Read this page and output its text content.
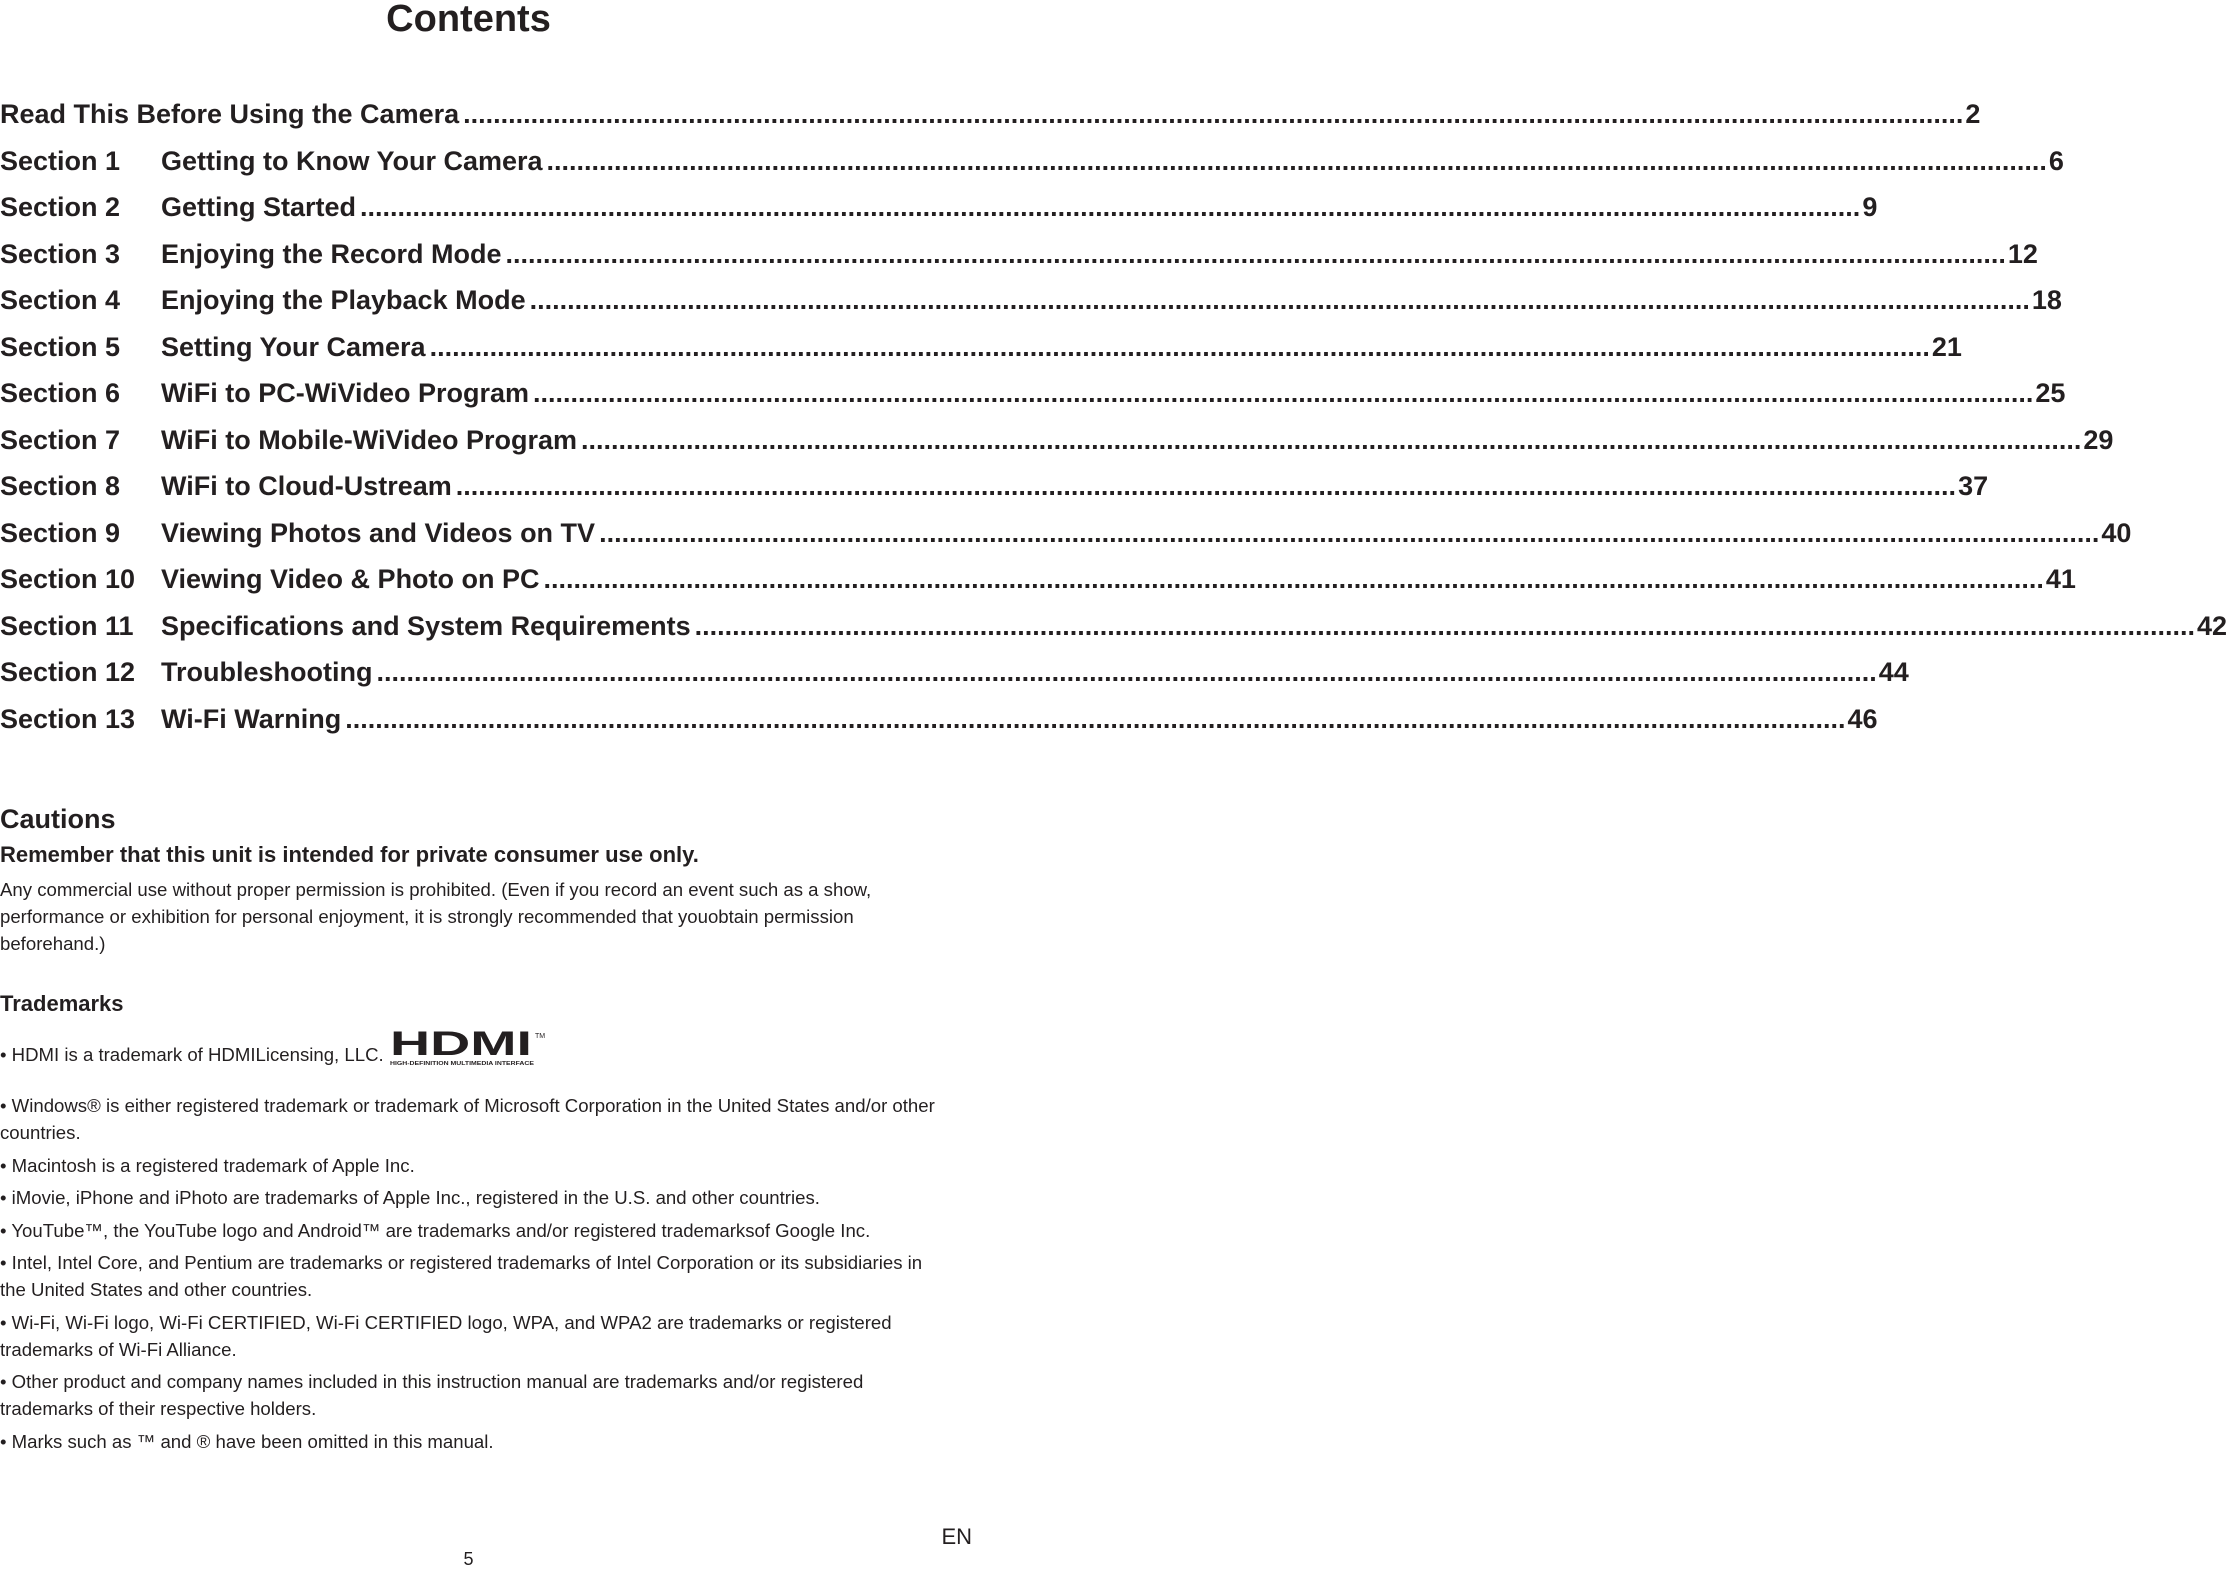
Contents
Read This Before Using the Camera ........................................................................................................................................................................................................ 2
Section 1	Getting to Know Your Camera ........................................................................................................................................................................................................ 6
Section 2	Getting Started ........................................................................................................................................................................................................ 9
Section 3	Enjoying the Record Mode ........................................................................................................................................................................................................ 12
Section 4	Enjoying the Playback Mode ........................................................................................................................................................................................................ 18
Section 5	Setting Your Camera ........................................................................................................................................................................................................ 21
Section 6	WiFi to PC-WiVideo Program ........................................................................................................................................................................................................ 25
Section 7	WiFi to Mobile-WiVideo Program ........................................................................................................................................................................................................ 29
Section 8	WiFi to Cloud-Ustream ........................................................................................................................................................................................................ 37
Section 9	Viewing Photos and Videos on TV ........................................................................................................................................................................................................ 40
Section 10 Viewing Video & Photo on PC ........................................................................................................................................................................................................ 41
Section 11	Specifications and System Requirements ........................................................................................................................................................................................................ 42
Section 12 Troubleshooting ........................................................................................................................................................................................................ 44
Section 13 Wi-Fi Warning ........................................................................................................................................................................................................ 46
Cautions
Remember that this unit is intended for private consumer use only.
Any commercial use without proper permission is prohibited. (Even if you record an event such as a show, performance or exhibition for personal enjoyment, it is strongly recommended that youobtain permission beforehand.)
Trademarks
• HDMI is a trademark of HDMILicensing, LLC. HDMI TM
HIGH-DEFINITION MULTIMEDIA INTERFACE
• Windows® is either registered trademark or trademark of Microsoft Corporation in the United States and/or other countries.
• Macintosh is a registered trademark of Apple Inc.
• iMovie, iPhone and iPhoto are trademarks of Apple Inc., registered in the U.S. and other countries.
• YouTube™, the YouTube logo and Android™ are trademarks and/or registered trademarksof Google Inc.
• Intel, Intel Core, and Pentium are trademarks or registered trademarks of Intel Corporation or its subsidiaries in the United States and other countries.
• Wi-Fi, Wi-Fi logo, Wi-Fi CERTIFIED, Wi-Fi CERTIFIED logo, WPA, and WPA2 are trademarks or registered trademarks of Wi-Fi Alliance.
• Other product and company names included in this instruction manual are trademarks and/or registered trademarks of their respective holders.
• Marks such as ™ and ® have been omitted in this manual.
EN
5
